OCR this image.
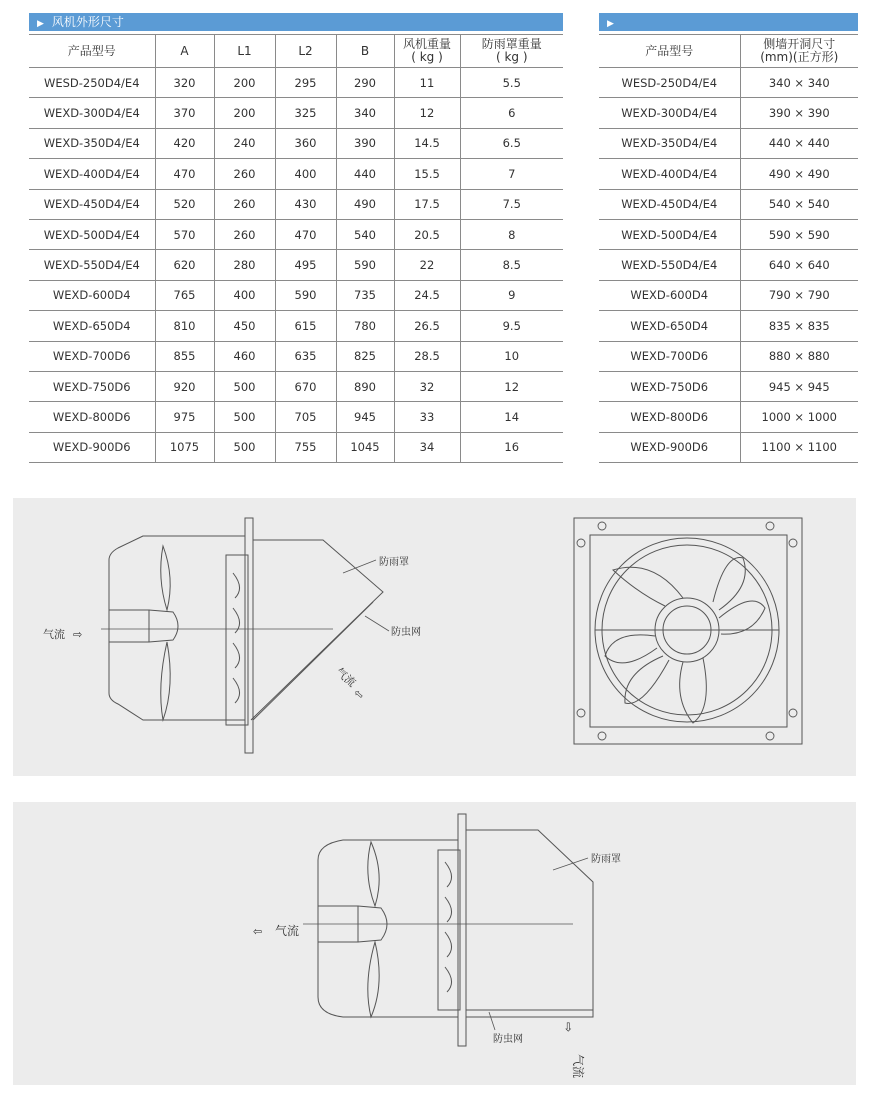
▶ 风机外形尺寸
产品型号	A	L1	L2	B	风机重量
( kg )	防雨罩重量
( kg )
WESD-250D4/E4	320	200	295	290	11	5.5
WEXD-300D4/E4	370	200	325	340	12	6
WEXD-350D4/E4	420	240	360	390	14.5	6.5
WEXD-400D4/E4	470	260	400	440	15.5	7
WEXD-450D4/E4	520	260	430	490	17.5	7.5
WEXD-500D4/E4	570	260	470	540	20.5	8
WEXD-550D4/E4	620	280	495	590	22	8.5
WEXD-600D4	765	400	590	735	24.5	9
WEXD-650D4	810	450	615	780	26.5	9.5
WEXD-700D6	855	460	635	825	28.5	10
WEXD-750D6	920	500	670	890	32	12
WEXD-800D6	975	500	705	945	33	14
WEXD-900D6	1075	500	755	1045	34	16
▶
产品型号	侧墙开洞尺寸
(mm)(正方形)
WESD-250D4/E4	340 × 340
WEXD-300D4/E4	390 × 390
WEXD-350D4/E4	440 × 440
WEXD-400D4/E4	490 × 490
WEXD-450D4/E4	540 × 540
WEXD-500D4/E4	590 × 590
WEXD-550D4/E4	640 × 640
WEXD-600D4	790 × 790
WEXD-650D4	835 × 835
WEXD-700D6	880 × 880
WEXD-750D6	945 × 945
WEXD-800D6	1000 × 1000
WEXD-900D6	1100 × 1100
防雨罩
防虫网
气流 ⇨
气流
⇦
防雨罩
防虫网
⇦ 气流
⇦
气流
